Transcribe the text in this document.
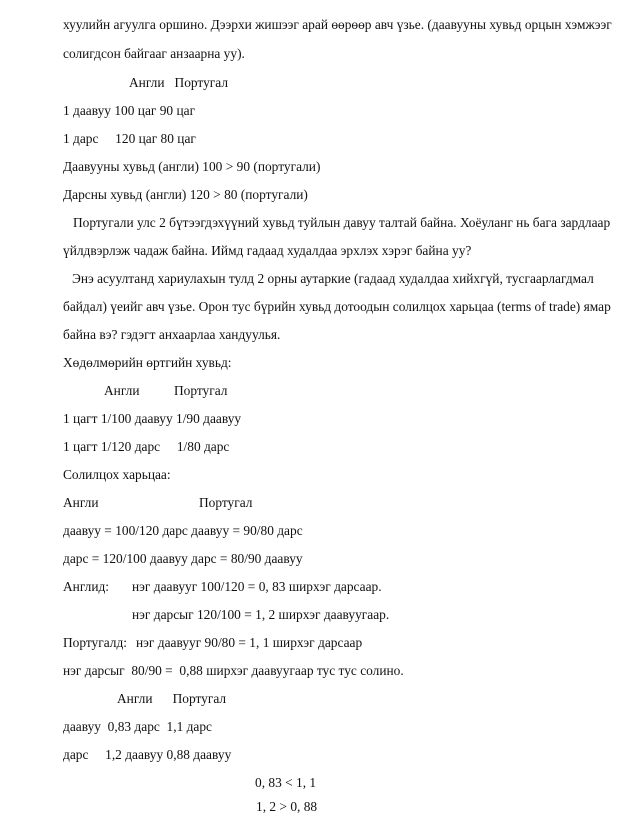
хуулийн агуулга оршино. Дээрхи жишээг арай өөрөөр авч үзье. (даавууны хувьд орцын хэмжээг
солигдсон байгааг анзаарна уу).
Англи   Португал
1 даавуу 100 цаг 90 цаг
1 дарс     120 цаг 80 цаг
Даавууны хувьд (англи) 100 > 90 (португали)
Дарсны хувьд (англи) 120 > 80 (португали)
Португали улс 2 бүтээгдэхүүний хувьд туйлын давуу талтай байна. Хоёуланг нь бага зардлаар
үйлдвэрлэж чадаж байна. Иймд гадаад худалдаа эрхлэх хэрэг байна уу?
Энэ асуултанд хариулахын тулд 2 орны аутаркие (гадаад худалдаа хийхгүй, тусгаарлагдмал
байдал) үеийг авч үзье. Орон тус бүрийн хувьд дотоодын солилцох харьцаа (terms of trade) ямар
байна вэ? гэдэгт анхаарлаа хандуулья.
Хөдөлмөрийн өртгийн хувьд:
Англи	Португал
1 цагт 1/100 даавуу 1/90 даавуу
1 цагт 1/120 дарс     1/80 дарс
Солилцох харьцаа:
Англи	Португал
даавуу = 100/120 дарс даавуу = 90/80 дарс
дарс = 120/100 даавуу дарс = 80/90 даавуу
Англид: нэг даавууг 100/120 = 0, 83 ширхэг дарсаар.
нэг дарсыг 120/100 = 1, 2 ширхэг даавуугаар.
Португалд: нэг даавууг 90/80 = 1, 1 ширхэг дарсаар
нэг дарсыг  80/90 =  0,88 ширхэг даавуугаар тус тус солино.
Англи      Португал
даавуу  0,83 дарс  1,1 дарс
дарс     1,2 даавуу 0,88 даавуу
0, 83 < 1, 1
1, 2 > 0, 88
